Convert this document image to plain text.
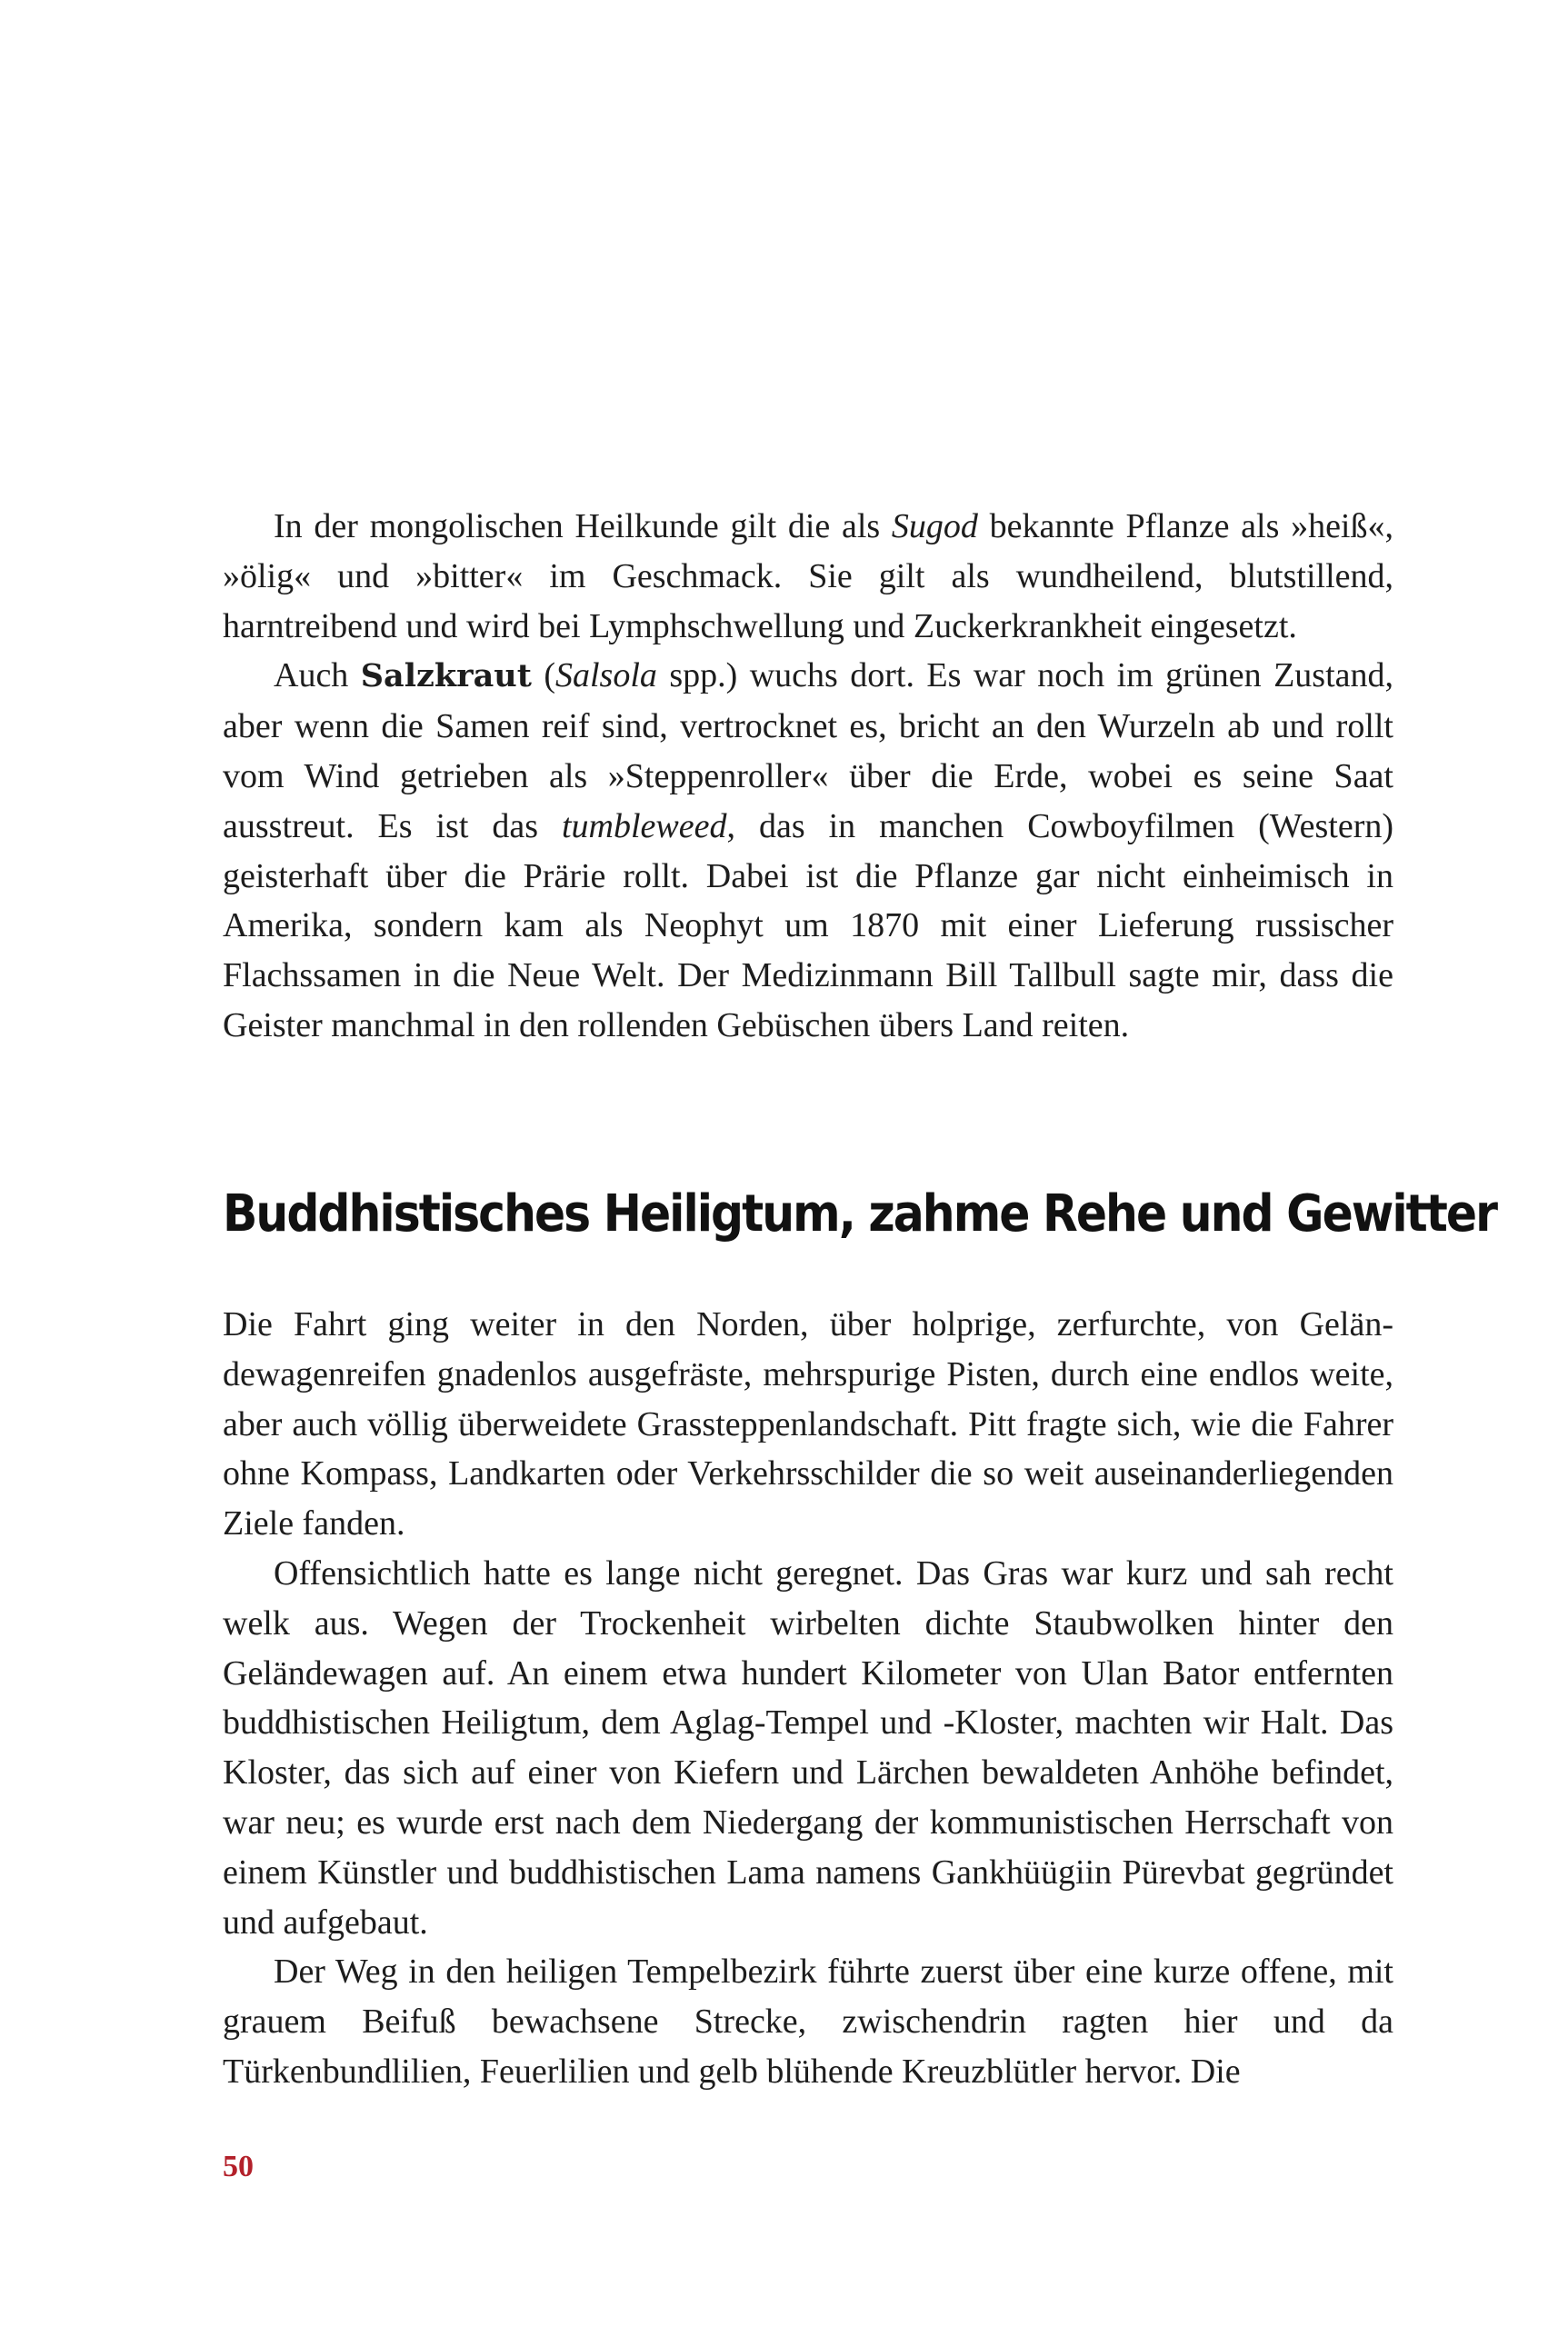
In der mongolischen Heilkunde gilt die als Sugod bekannte Pflanze als »heiß«, »ölig« und »bitter« im Geschmack. Sie gilt als wundheilend, blutstillend, harntreibend und wird bei Lymphschwellung und Zuckerkrankheit eingesetzt.

Auch Salzkraut (Salsola spp.) wuchs dort. Es war noch im grünen Zustand, aber wenn die Samen reif sind, vertrocknet es, bricht an den Wurzeln ab und rollt vom Wind getrieben als »Steppenroller« über die Erde, wobei es seine Saat ausstreut. Es ist das tumbleweed, das in manchen Cowboyfilmen (Western) geisterhaft über die Prärie rollt. Dabei ist die Pflanze gar nicht einheimisch in Amerika, sondern kam als Neophyt um 1870 mit einer Lieferung russischer Flachssamen in die Neue Welt. Der Medizinmann Bill Tallbull sagte mir, dass die Geister manchmal in den rollenden Gebüschen übers Land reiten.

Buddhistisches Heiligtum, zahme Rehe und Gewitter

Die Fahrt ging weiter in den Norden, über holprige, zerfurchte, von Geländewagenreifen gnadenlos ausgefräste, mehrspurige Pisten, durch eine endlos weite, aber auch völlig überweidete Grassteppenlandschaft. Pitt fragte sich, wie die Fahrer ohne Kompass, Landkarten oder Verkehrsschilder die so weit auseinanderliegenden Ziele fanden.

Offensichtlich hatte es lange nicht geregnet. Das Gras war kurz und sah recht welk aus. Wegen der Trockenheit wirbelten dichte Staubwolken hinter den Geländewagen auf. An einem etwa hundert Kilometer von Ulan Bator entfernten buddhistischen Heiligtum, dem Aglag-Tempel und -Kloster, machten wir Halt. Das Kloster, das sich auf einer von Kiefern und Lärchen bewaldeten Anhöhe befindet, war neu; es wurde erst nach dem Niedergang der kommunistischen Herrschaft von einem Künstler und buddhistischen Lama namens Gankhüügiin Pürevbat gegründet und aufgebaut.

Der Weg in den heiligen Tempelbezirk führte zuerst über eine kurze offene, mit grauem Beifuß bewachsene Strecke, zwischendrin ragten hier und da Türkenbundlilien, Feuerlilien und gelb blühende Kreuzblütler hervor. Die

50
